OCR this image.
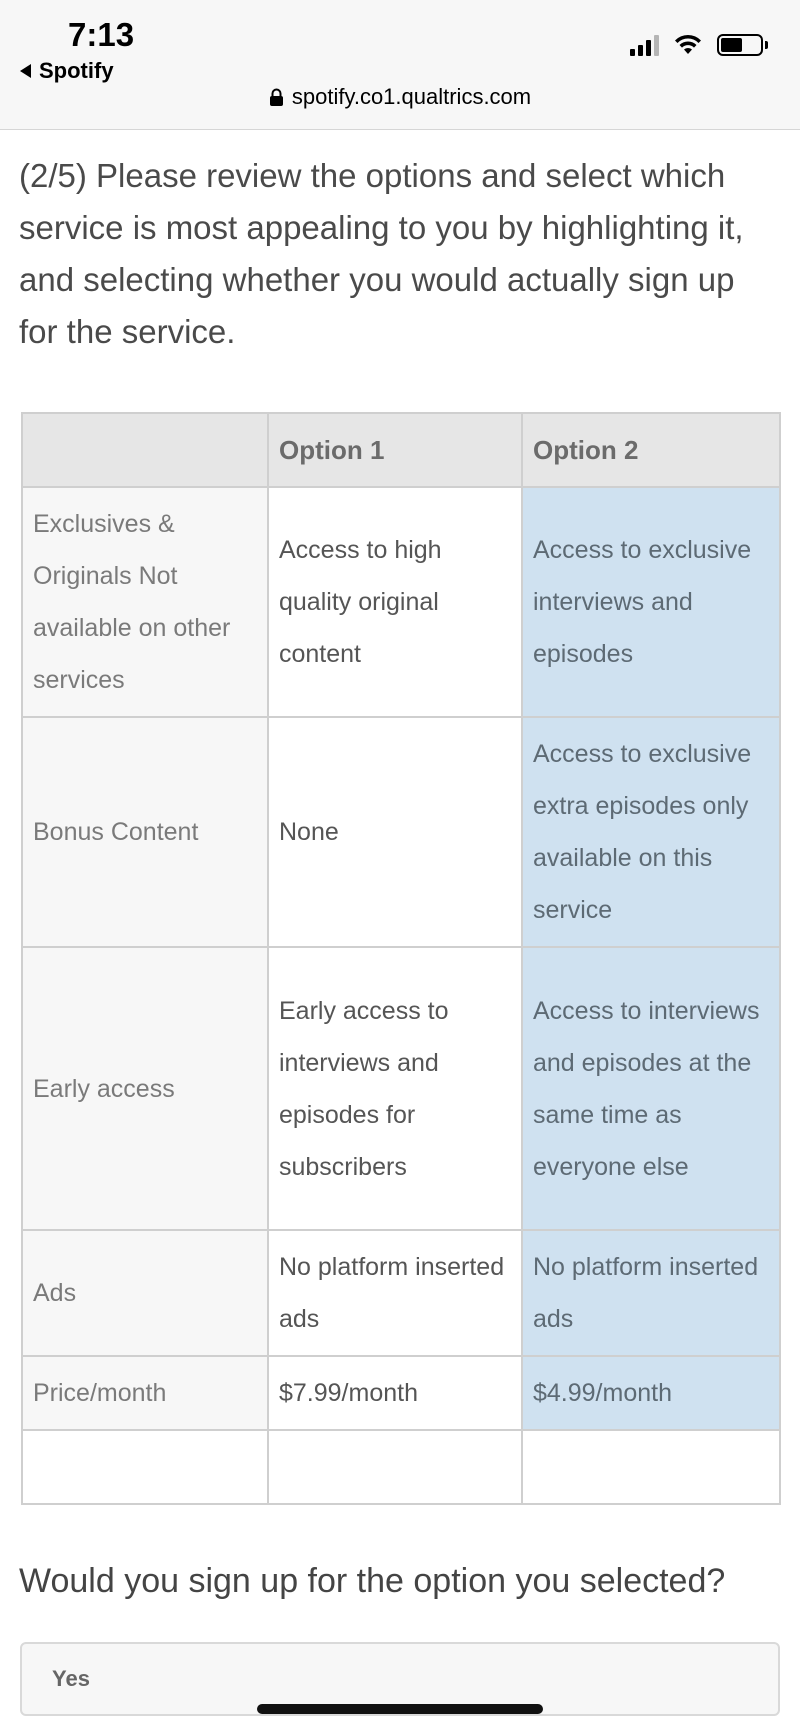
7:13
Spotify
spotify.co1.qualtrics.com
(2/5) Please review the options and select which service is most appealing to you by highlighting it, and selecting whether you would actually sign up for the service.
	Option 1	Option 2
Exclusives & Originals Not available on other services	Access to high quality original content	Access to exclusive interviews and episodes
Bonus Content	None	Access to exclusive extra episodes only available on this service
Early access	Early access to interviews and episodes for subscribers	Access to interviews and episodes at the same time as everyone else
Ads	No platform inserted ads	No platform inserted ads
Price/month	$7.99/month	$4.99/month

Would you sign up for the option you selected?
Yes
